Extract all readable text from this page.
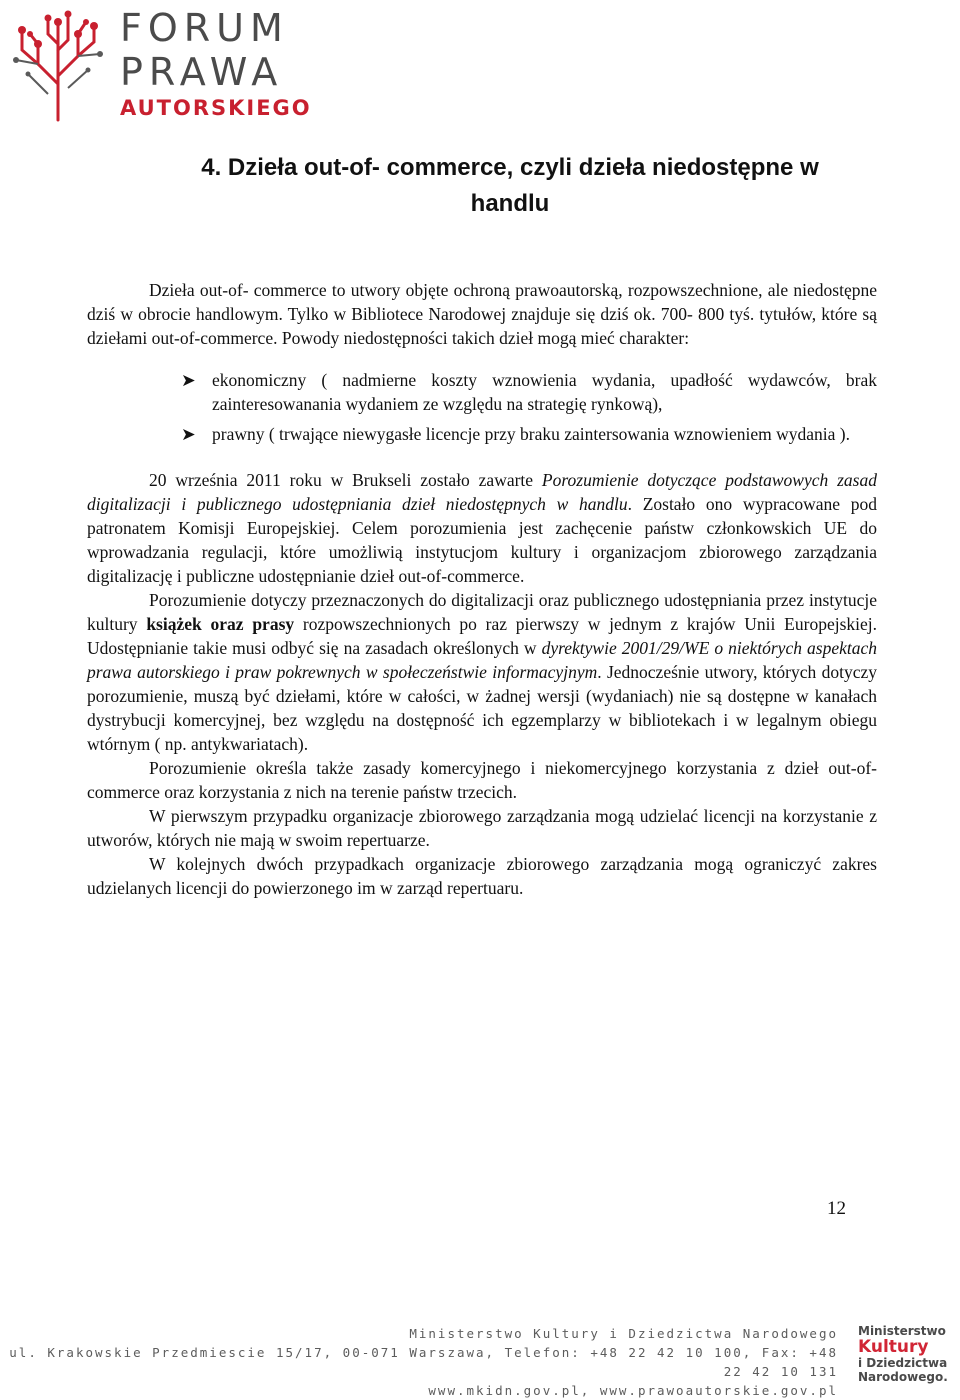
FORUM
PRAWA
AUTORSKIEGO
4. Dzieła out-of- commerce, czyli dzieła niedostępne w
handlu

Dzieła out-of- commerce to utwory objęte ochroną prawoautorską, rozpowszechnione, ale niedostępne dziś w obrocie handlowym. Tylko w Bibliotece Narodowej znajduje się dziś ok. 700- 800 tyś. tytułów, które są dziełami out-of-commerce. Powody niedostępności takich dzieł mogą mieć charakter:

➤ ekonomiczny ( nadmierne koszty wznowienia wydania, upadłość wydawców, brak zainteresowanania wydaniem ze względu na strategię rynkową),
➤ prawny ( trwające niewygasłe licencje przy braku zaintersowania wznowieniem wydania ).

20 września 2011 roku w Brukseli zostało zawarte Porozumienie dotyczące podstawowych zasad digitalizacji i publicznego udostępniania dzieł niedostępnych w handlu. Zostało ono wypracowane pod patronatem Komisji Europejskiej. Celem porozumienia jest zachęcenie państw członkowskich UE do wprowadzania regulacji, które umożliwią instytucjom kultury i organizacjom zbiorowego zarządzania digitalizację i publiczne udostępnianie dzieł out-of-commerce.

Porozumienie dotyczy przeznaczonych do digitalizacji oraz publicznego udostępniania przez instytucje kultury książek oraz prasy rozpowszechnionych po raz pierwszy w jednym z krajów Unii Europejskiej. Udostępnianie takie musi odbyć się na zasadach określonych w dyrektywie 2001/29/WE o niektórych aspektach prawa autorskiego i praw pokrewnych w społeczeństwie informacyjnym. Jednocześnie utwory, których dotyczy porozumienie, muszą być dziełami, które w całości, w żadnej wersji (wydaniach) nie są dostępne w kanałach dystrybucji komercyjnej, bez względu na dostępność ich egzemplarzy w bibliotekach i w legalnym obiegu wtórnym ( np. antykwariatach).

Porozumienie określa także zasady komercyjnego i niekomercyjnego korzystania z dzieł out-of-commerce oraz korzystania z nich na terenie państw trzecich.

W pierwszym przypadku organizacje zbiorowego zarządzania mogą udzielać licencji na korzystanie z utworów, których nie mają w swoim repertuarze.

W kolejnych dwóch przypadkach organizacje zbiorowego zarządzania mogą ograniczyć zakres udzielanych licencji do powierzonego im w zarząd repertuaru.

12
Ministerstwo Kultury i Dziedzictwa Narodowego
ul. Krakowskie Przedmiescie 15/17, 00-071 Warszawa, Telefon: +48 22 42 10 100, Fax: +48 22 42 10 131
www.mkidn.gov.pl, www.prawoautorskie.gov.pl
Ministerstwo
Kultury
i Dziedzictwa
Narodowego.
